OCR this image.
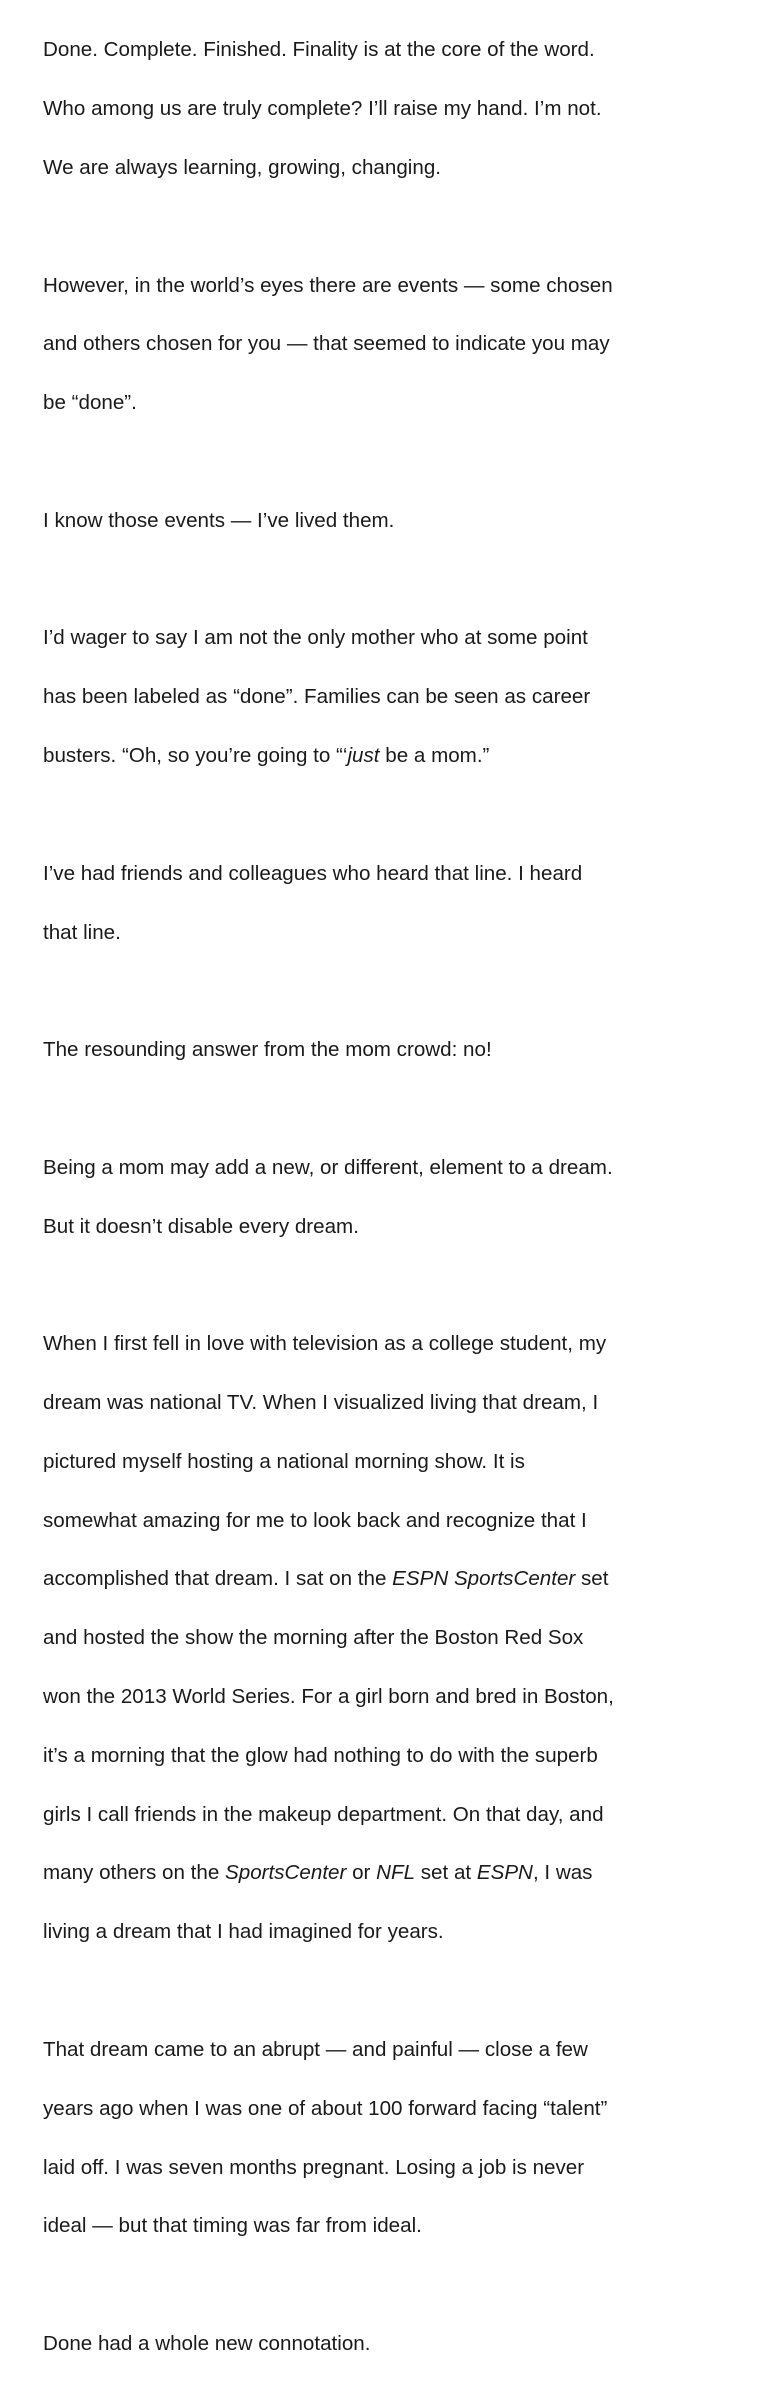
Done. Complete. Finished. Finality is at the core of the word.

Who among us are truly complete? I’ll raise my hand. I’m not.

We are always learning, growing, changing.

However, in the world’s eyes there are events — some chosen

and others chosen for you — that seemed to indicate you may

be “done”.

I know those events — I’ve lived them.

I’d wager to say I am not the only mother who at some point

has been labeled as “done”. Families can be seen as career

busters. “Oh, so you’re going to “‘just be a mom.”

I’ve had friends and colleagues who heard that line. I heard

that line.

The resounding answer from the mom crowd: no!

Being a mom may add a new, or different, element to a dream.

But it doesn’t disable every dream.

When I first fell in love with television as a college student, my

dream was national TV. When I visualized living that dream, I

pictured myself hosting a national morning show. It is

somewhat amazing for me to look back and recognize that I

accomplished that dream. I sat on the ESPN SportsCenter set

and hosted the show the morning after the Boston Red Sox

won the 2013 World Series. For a girl born and bred in Boston,

it’s a morning that the glow had nothing to do with the superb

girls I call friends in the makeup department. On that day, and

many others on the SportsCenter or NFL set at ESPN, I was

living a dream that I had imagined for years.

That dream came to an abrupt — and painful — close a few

years ago when I was one of about 100 forward facing “talent”

laid off. I was seven months pregnant. Losing a job is never

ideal — but that timing was far from ideal.

Done had a whole new connotation.
